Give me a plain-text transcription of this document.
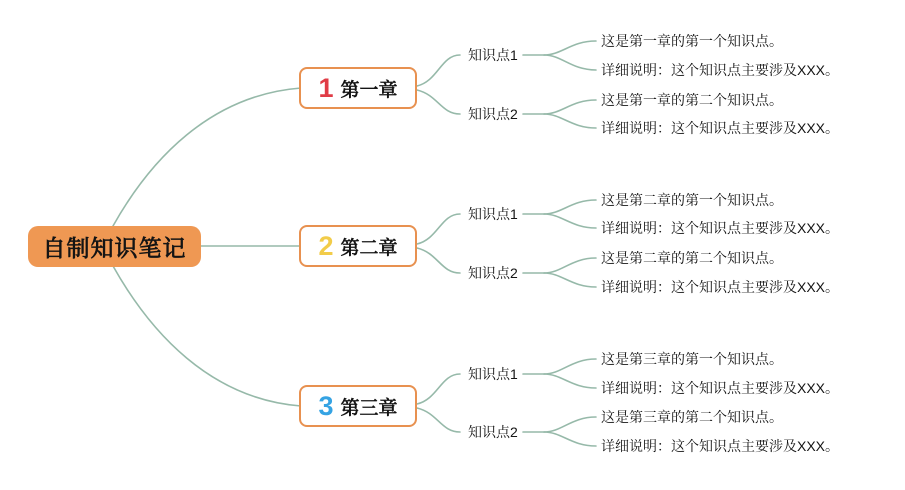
自制知识笔记
1 第一章
知识点1
知识点2
这是第一章的第一个知识点。
详细说明：这个知识点主要涉及XXX。
这是第一章的第二个知识点。
详细说明：这个知识点主要涉及XXX。
2 第二章
知识点1
知识点2
这是第二章的第一个知识点。
详细说明：这个知识点主要涉及XXX。
这是第二章的第二个知识点。
详细说明：这个知识点主要涉及XXX。
3 第三章
知识点1
知识点2
这是第三章的第一个知识点。
详细说明：这个知识点主要涉及XXX。
这是第三章的第二个知识点。
详细说明：这个知识点主要涉及XXX。
